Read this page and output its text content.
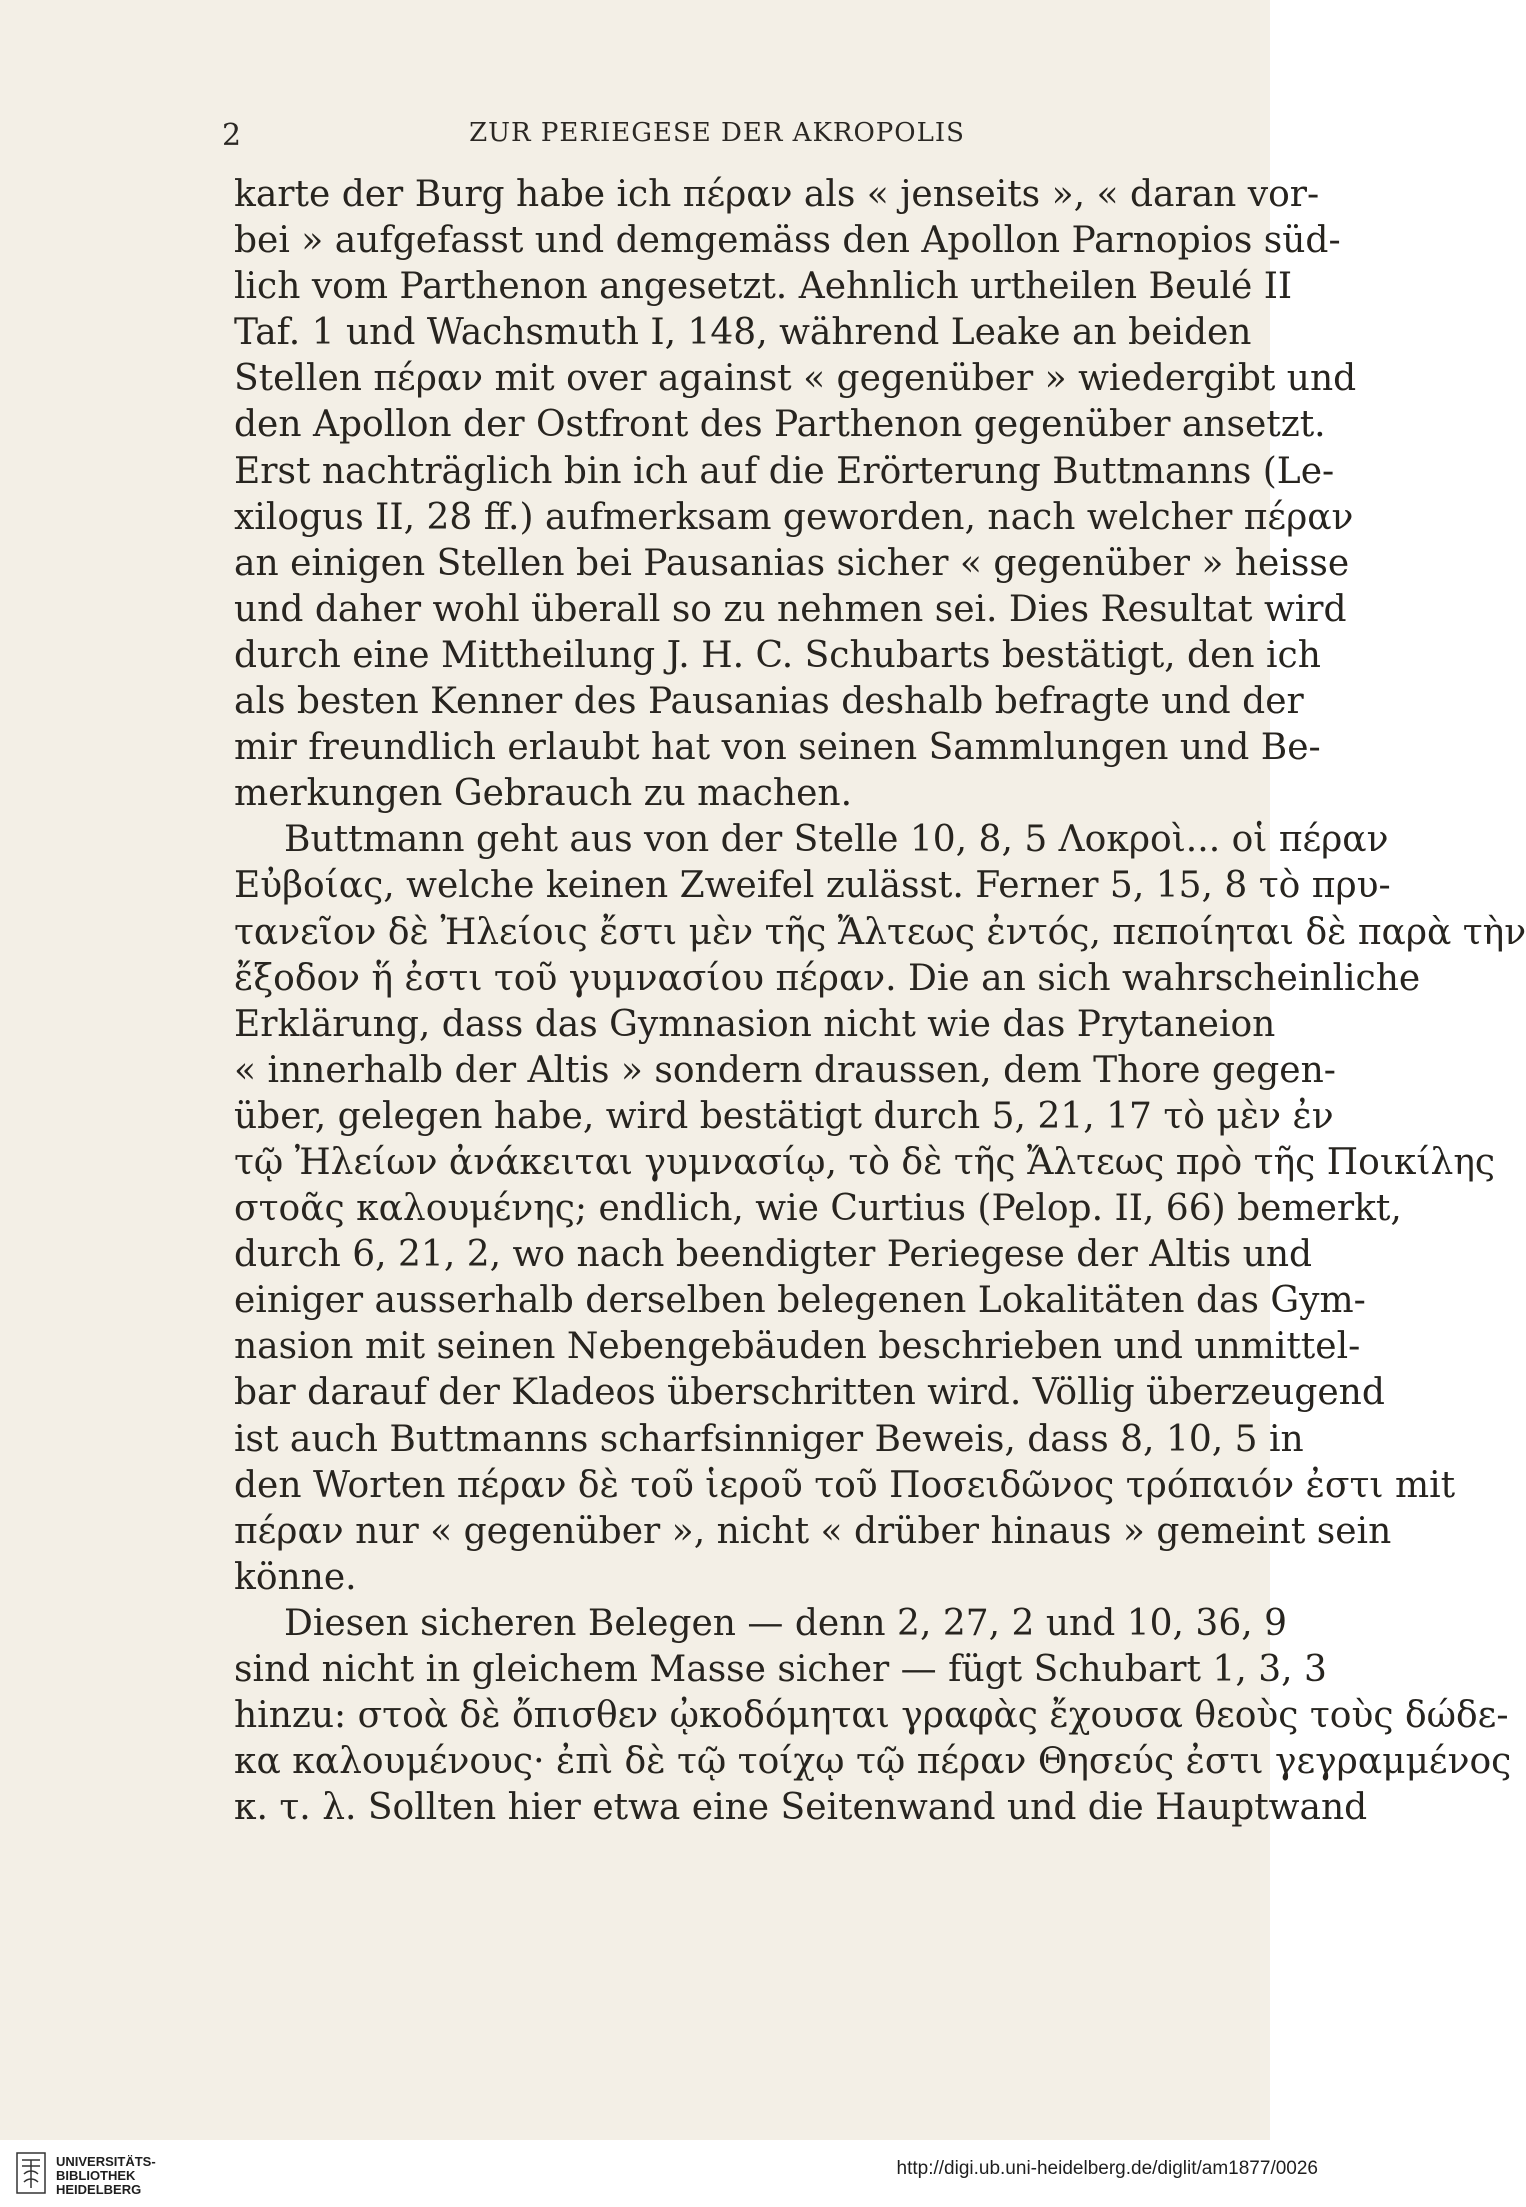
2	ZUR PERIEGESE DER AKROPOLIS
karte der Burg habe ich πέραν als « jenseits », « daran vor-
bei » aufgefasst und demgemäss den Apollon Parnopios süd-
lich vom Parthenon angesetzt. Aehnlich urtheilen Beulé II
Taf. 1 und Wachsmuth I, 148, während Leake an beiden
Stellen πέραν mit over against « gegenüber » wiedergibt und
den Apollon der Ostfront des Parthenon gegenüber ansetzt.
Erst nachträglich bin ich auf die Erörterung Buttmanns (Le-
xilogus II, 28 ff.) aufmerksam geworden, nach welcher πέραν
an einigen Stellen bei Pausanias sicher « gegenüber » heisse
und daher wohl überall so zu nehmen sei. Dies Resultat wird
durch eine Mittheilung J. H. C. Schubarts bestätigt, den ich
als besten Kenner des Pausanias deshalb befragte und der
mir freundlich erlaubt hat von seinen Sammlungen und Be-
merkungen Gebrauch zu machen.
Buttmann geht aus von der Stelle 10, 8, 5 Λοκροὶ... οἱ πέραν
Εὐβοίας, welche keinen Zweifel zulässt. Ferner 5, 15, 8 τὸ πρυ-
τανεῖον δὲ Ἠλείοις ἔστι μὲν τῆς Ἄλτεως ἐντός, πεποίηται δὲ παρὰ τὴν
ἔξοδον ἥ ἐστι τοῦ γυμνασίου πέραν. Die an sich wahrscheinliche
Erklärung, dass das Gymnasion nicht wie das Prytaneion
« innerhalb der Altis » sondern draussen, dem Thore gegen-
über, gelegen habe, wird bestätigt durch 5, 21, 17 τὸ μὲν ἐν
τῷ Ἠλείων ἀνάκειται γυμνασίῳ, τὸ δὲ τῆς Ἄλτεως πρὸ τῆς Ποικίλης
στοᾶς καλουμένης; endlich, wie Curtius (Pelop. II, 66) bemerkt,
durch 6, 21, 2, wo nach beendigter Periegese der Altis und
einiger ausserhalb derselben belegenen Lokalitäten das Gym-
nasion mit seinen Nebengebäuden beschrieben und unmittel-
bar darauf der Kladeos überschritten wird. Völlig überzeugend
ist auch Buttmanns scharfsinniger Beweis, dass 8, 10, 5 in
den Worten πέραν δὲ τοῦ ἱεροῦ τοῦ Ποσειδῶνος τρόπαιόν ἐστι mit
πέραν nur « gegenüber », nicht « drüber hinaus » gemeint sein
könne.
Diesen sicheren Belegen — denn 2, 27, 2 und 10, 36, 9
sind nicht in gleichem Masse sicher — fügt Schubart 1, 3, 3
hinzu: στοὰ δὲ ὄπισθεν ᾠκοδόμηται γραφὰς ἔχουσα θεοὺς τοὺς δώδε-
κα καλουμένους· ἐπὶ δὲ τῷ τοίχῳ τῷ πέραν Θησεύς ἐστι γεγραμμένος
κ. τ. λ. Sollten hier etwa eine Seitenwand und die Hauptwand
UNIVERSITÄTS-
BIBLIOTHEK
HEIDELBERG
http://digi.ub.uni-heidelberg.de/diglit/am1877/0026
